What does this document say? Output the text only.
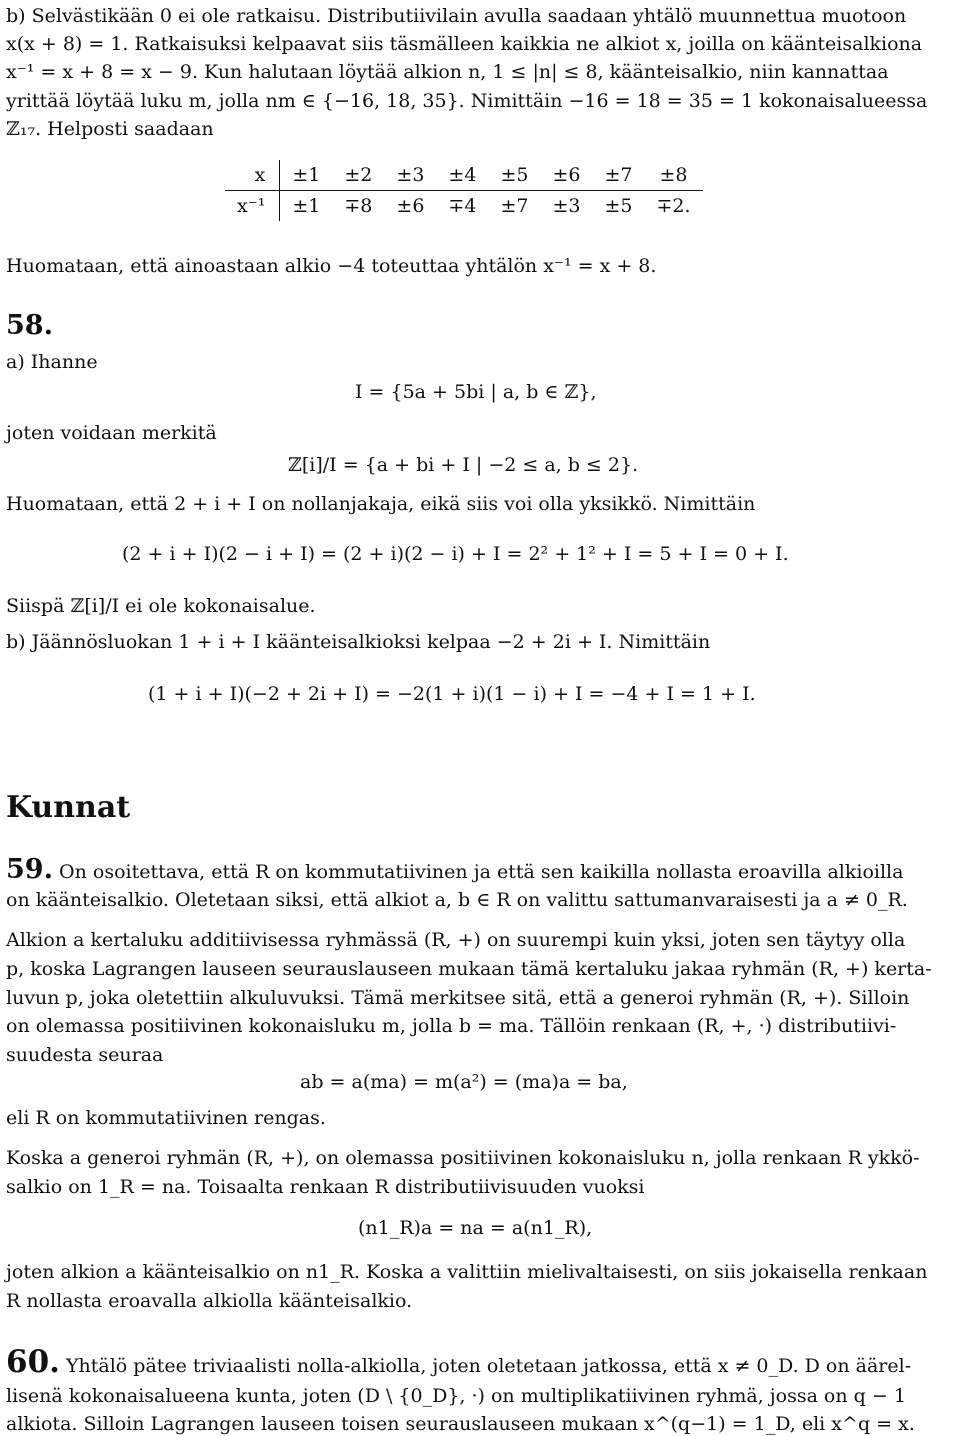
b) Selvästikään 0 ei ole ratkaisu. Distributiivilain avulla saadaan yhtälö muunnettua muotoon
x(x + 8) = 1. Ratkaisuksi kelpaavat siis täsmälleen kaikkia ne alkiot x, joilla on käänteisalkiona
x⁻¹ = x + 8 = x − 9. Kun halutaan löytää alkion n, 1 ≤ |n| ≤ 8, käänteisalkio, niin kannattaa
yrittää löytää luku m, jolla nm ∈ {−16, 18, 35}. Nimittäin −16 = 18 = 35 = 1 kokonaisalueessa
ℤ₁₇. Helposti saadaan
x	±1	±2	±3	±4	±5	±6	±7	±8
x⁻¹	±1	∓8	±6	∓4	±7	±3	±5	∓2.
Huomataan, että ainoastaan alkio −4 toteuttaa yhtälön x⁻¹ = x + 8.
58.
a) Ihanne
I = {5a + 5bi | a, b ∈ ℤ},
joten voidaan merkitä
ℤ[i]/I = {a + bi + I | −2 ≤ a, b ≤ 2}.
Huomataan, että 2 + i + I on nollanjakaja, eikä siis voi olla yksikkö. Nimittäin
(2 + i + I)(2 − i + I) = (2 + i)(2 − i) + I = 2² + 1² + I = 5 + I = 0 + I.
Siispä ℤ[i]/I ei ole kokonaisalue.
b) Jäännösluokan 1 + i + I käänteisalkioksi kelpaa −2 + 2i + I. Nimittäin
(1 + i + I)(−2 + 2i + I) = −2(1 + i)(1 − i) + I = −4 + I = 1 + I.
Kunnat
59. On osoitettava, että R on kommutatiivinen ja että sen kaikilla nollasta eroavilla alkioilla
on käänteisalkio. Oletetaan siksi, että alkiot a, b ∈ R on valittu sattumanvaraisesti ja a ≠ 0_R.
Alkion a kertaluku additiivisessa ryhmässä (R, +) on suurempi kuin yksi, joten sen täytyy olla
p, koska Lagrangen lauseen seurauslauseen mukaan tämä kertaluku jakaa ryhmän (R, +) kerta-
luvun p, joka oletettiin alkuluvuksi. Tämä merkitsee sitä, että a generoi ryhmän (R, +). Silloin
on olemassa positiivinen kokonaisluku m, jolla b = ma. Tällöin renkaan (R, +, ·) distributiivi-
suudesta seuraa
ab = a(ma) = m(a²) = (ma)a = ba,
eli R on kommutatiivinen rengas.
Koska a generoi ryhmän (R, +), on olemassa positiivinen kokonaisluku n, jolla renkaan R ykkö-
salkio on 1_R = na. Toisaalta renkaan R distributiivisuuden vuoksi
(n1_R)a = na = a(n1_R),
joten alkion a käänteisalkio on n1_R. Koska a valittiin mielivaltaisesti, on siis jokaisella renkaan
R nollasta eroavalla alkiolla käänteisalkio.
60. Yhtälö pätee triviaalisti nolla-alkiolla, joten oletetaan jatkossa, että x ≠ 0_D. D on äärel-
lisenä kokonaisalueena kunta, joten (D \ {0_D}, ·) on multiplikatiivinen ryhmä, jossa on q − 1
alkiota. Silloin Lagrangen lauseen toisen seurauslauseen mukaan x^(q−1) = 1_D, eli x^q = x.
